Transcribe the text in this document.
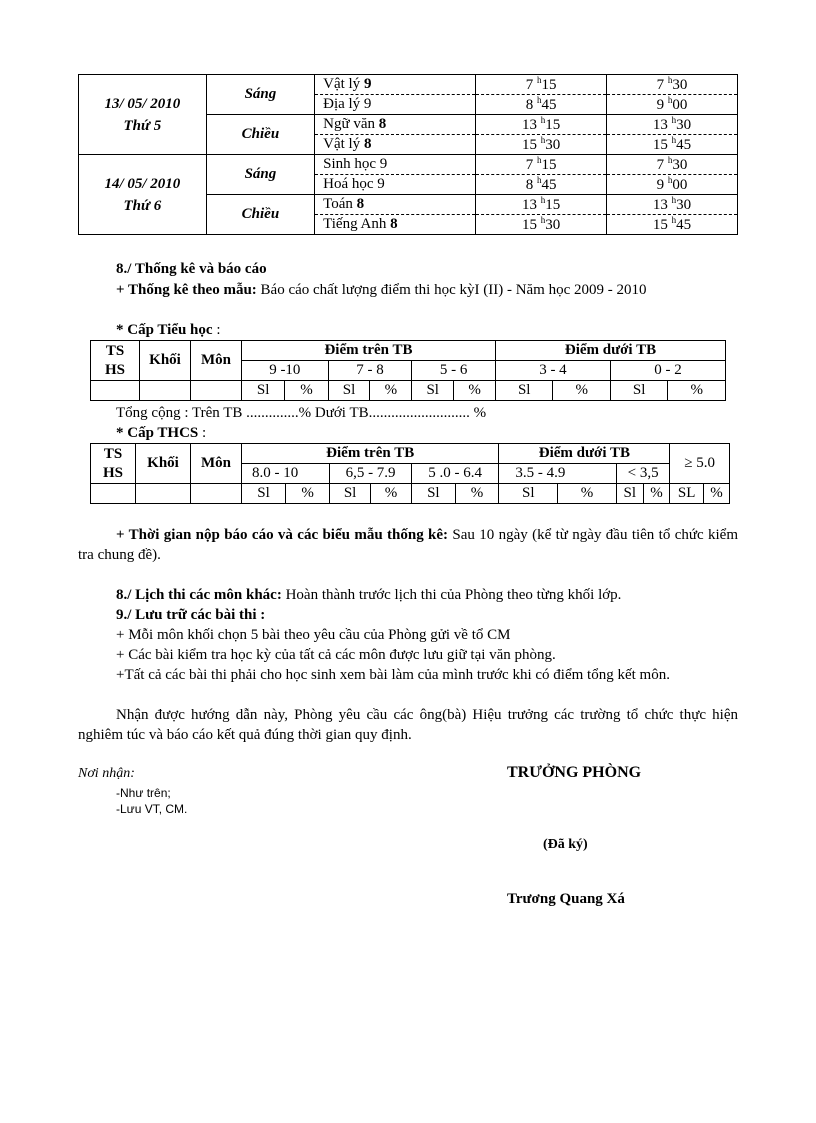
13/ 05/ 2010
Thứ 5	Sáng	Vật lý 9	7 $^h$15	7 $^h$30
		Địa lý 9	8 $^h$45	9 $^h$00
	Chiều	Ngữ văn 8	13 $^h$15	13 $^h$30
		Vật lý 8	15 $^h$30	15 $^h$45

14/ 05/ 2010
Thứ 6	Sáng	Sinh học 9	7 $^h$15	7 $^h$30
		Hoá học 9	8 $^h$45	9 $^h$00
	Chiều	Toán 8	13 $^h$15	13 $^h$30
		Tiếng Anh 8	15 $^h$30	15 $^h$45
8./ Thống kê và báo cáo
+ Thống kê theo mẫu: Báo cáo chất lượng điểm thi học kỳI (II) - Năm học 2009 - 2010
* Cấp Tiểu học :
TS
HS	Khối	Môn	Điểm trên TB						Điểm dưới TB			
			9 -10		7 - 8		5 - 6		3 - 4		0 - 2	
			Sl	%	Sl	%	Sl	%	Sl	%	Sl	%
Tổng cộng : Trên TB ..............% Dưới TB........................... %
* Cấp THCS :
TS
HS	Khối	Môn	Điểm trên TB						Điểm dưới TB				≥ 5.0	
			8.0 - 10		6,5 - 7.9		5 .0 - 6.4		3.5 - 4.9		< 3,5			
			Sl	%	Sl	%	Sl	%	Sl	%	Sl	%	SL	%
+ Thời gian nộp báo cáo và các biểu mẫu thống kê: Sau 10 ngày (kể từ ngày đầu tiên tổ chức kiểm tra chung đề).
8./ Lịch thi các môn khác: Hoàn thành trước lịch thi của Phòng theo từng khối lớp.
9./ Lưu trữ các bài thi :
+ Mỗi môn khối chọn 5 bài theo yêu cầu của Phòng gửi về tổ CM
+ Các bài kiểm tra học kỳ của tất cả các môn được lưu giữ tại văn phòng.
+Tất cả các bài thi phải cho học sinh xem bài làm của mình trước khi có điểm tổng kết môn.
Nhận được hướng dẫn này, Phòng yêu cầu các ông(bà) Hiệu trưởng các trường tổ chức thực hiện nghiêm túc và báo cáo kết quả đúng thời gian quy định.
Nơi nhận:
-Như trên;
-Lưu VT, CM.
TRƯỞNG PHÒNG
(Đã ký)
Trương Quang Xá
